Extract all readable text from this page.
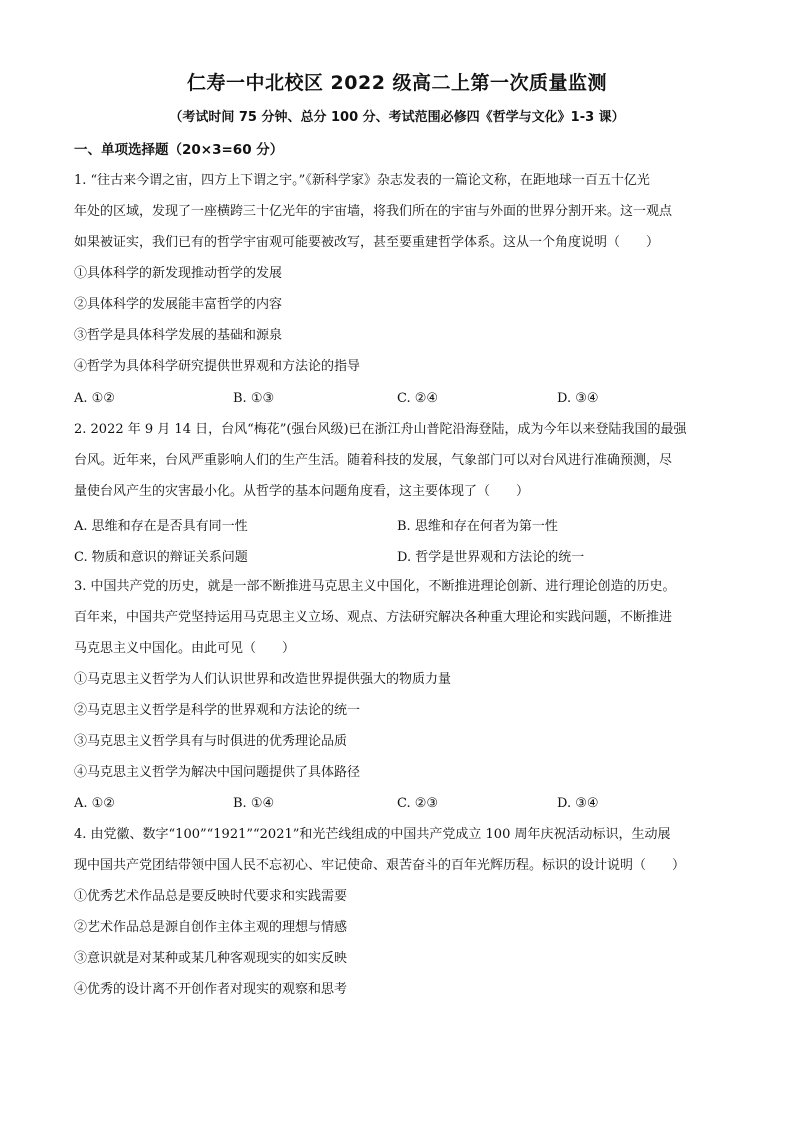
仁寿一中北校区 2022 级高二上第一次质量监测
（考试时间 75 分钟、总分 100 分、考试范围必修四《哲学与文化》1-3 课）
一、单项选择题（20×3=60 分）
1. “往古来今谓之宙，四方上下谓之宇。”《新科学家》杂志发表的一篇论文称，在距地球一百五十亿光
年处的区域，发现了一座横跨三十亿光年的宇宙墙，将我们所在的宇宙与外面的世界分割开来。这一观点
如果被证实，我们已有的哲学宇宙观可能要被改写，甚至要重建哲学体系。这从一个角度说明（　　）
①具体科学的新发现推动哲学的发展
②具体科学的发展能丰富哲学的内容
③哲学是具体科学发展的基础和源泉
④哲学为具体科学研究提供世界观和方法论的指导
A. ①②	B. ①③	C. ②④	D. ③④
2. 2022 年 9 月 14 日，台风“梅花”(强台风级)已在浙江舟山普陀沿海登陆，成为今年以来登陆我国的最强
台风。近年来，台风严重影响人们的生产生活。随着科技的发展，气象部门可以对台风进行准确预测，尽
量使台风产生的灾害最小化。从哲学的基本问题角度看，这主要体现了（　　）
A. 思维和存在是否具有同一性	B. 思维和存在何者为第一性
C. 物质和意识的辩证关系问题	D. 哲学是世界观和方法论的统一
3. 中国共产党的历史，就是一部不断推进马克思主义中国化，不断推进理论创新、进行理论创造的历史。
百年来，中国共产党坚持运用马克思主义立场、观点、方法研究解决各种重大理论和实践问题，不断推进
马克思主义中国化。由此可见（　　）
①马克思主义哲学为人们认识世界和改造世界提供强大的物质力量
②马克思主义哲学是科学的世界观和方法论的统一
③马克思主义哲学具有与时俱进的优秀理论品质
④马克思主义哲学为解决中国问题提供了具体路径
A. ①②	B. ①④	C. ②③	D. ③④
4. 由党徽、数字“100”“1921”“2021”和光芒线组成的中国共产党成立 100 周年庆祝活动标识，生动展
现中国共产党团结带领中国人民不忘初心、牢记使命、艰苦奋斗的百年光辉历程。标识的设计说明（　　）
①优秀艺术作品总是要反映时代要求和实践需要
②艺术作品总是源自创作主体主观的理想与情感
③意识就是对某种或某几种客观现实的如实反映
④优秀的设计离不开创作者对现实的观察和思考
